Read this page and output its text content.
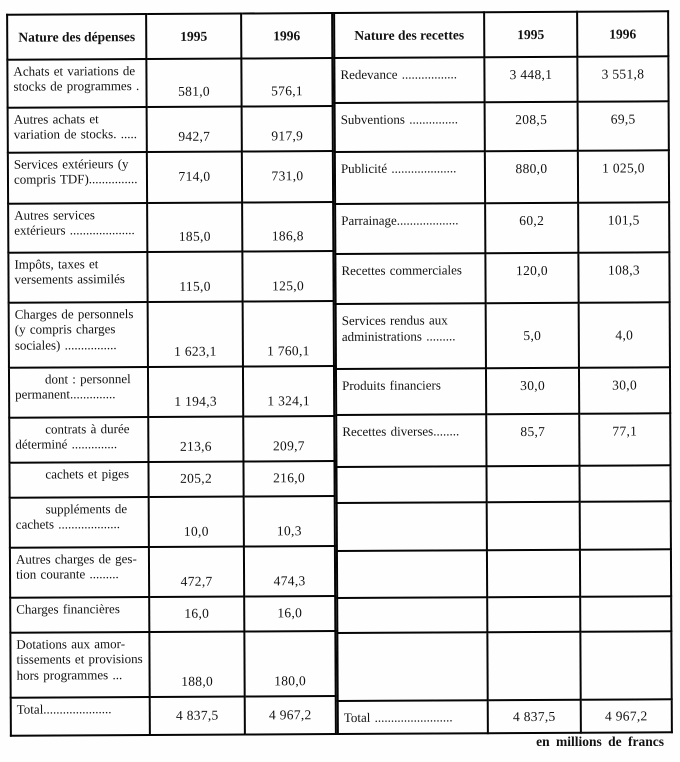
Nature des dépenses	1995	1996
Achats et variations de stocks de programmes .	581,0	576,1
Autres achats et variation de stocks. .....	942,7	917,9
Services extérieurs (y compris TDF)...............	714,0	731,0
Autres services extérieurs ....................	185,0	186,8
Impôts, taxes et versements assimilés	115,0	125,0
Charges de personnels (y compris charges sociales) ................	1 623,1	1 760,1
dont : personnel permanent..............	1 194,3	1 324,1
contrats à durée déterminé ..............	213,6	209,7
cachets et piges	205,2	216,0
suppléments de cachets ...................	10,0	10,3
Autres charges de ges-tion courante .........	472,7	474,3
Charges financières	16,0	16,0
Dotations aux amor-tissements et provisions hors programmes ...	188,0	180,0
Total.....................	4 837,5	4 967,2
Nature des recettes	1995	1996
Redevance .................	3 448,1	3 551,8
Subventions ...............	208,5	69,5
Publicité ....................	880,0	1 025,0
Parrainage...................	60,2	101,5
Recettes commerciales	120,0	108,3
Services rendus aux administrations .........	5,0	4,0
Produits financiers	30,0	30,0
Recettes diverses........	85,7	77,1

Total ........................	4 837,5	4 967,2
en millions de francs
